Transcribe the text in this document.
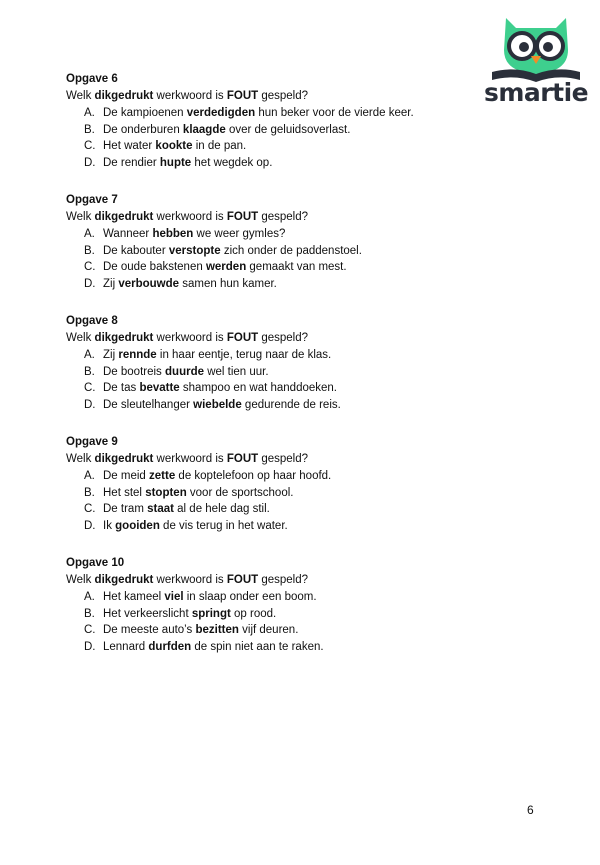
smartie
Opgave 6
Welk dikgedrukt werkwoord is FOUT gespeld?
A. De kampioenen verdedigden hun beker voor de vierde keer.
B. De onderburen klaagde over de geluidsoverlast.
C. Het water kookte in de pan.
D. De rendier hupte het wegdek op.
Opgave 7
Welk dikgedrukt werkwoord is FOUT gespeld?
A. Wanneer hebben we weer gymles?
B. De kabouter verstopte zich onder de paddenstoel.
C. De oude bakstenen werden gemaakt van mest.
D. Zij verbouwde samen hun kamer.
Opgave 8
Welk dikgedrukt werkwoord is FOUT gespeld?
A. Zij rennde in haar eentje, terug naar de klas.
B. De bootreis duurde wel tien uur.
C. De tas bevatte shampoo en wat handdoeken.
D. De sleutelhanger wiebelde gedurende de reis.
Opgave 9
Welk dikgedrukt werkwoord is FOUT gespeld?
A. De meid zette de koptelefoon op haar hoofd.
B. Het stel stopten voor de sportschool.
C. De tram staat al de hele dag stil.
D. Ik gooiden de vis terug in het water.
Opgave 10
Welk dikgedrukt werkwoord is FOUT gespeld?
A. Het kameel viel in slaap onder een boom.
B. Het verkeerslicht springt op rood.
C. De meeste auto’s bezitten vijf deuren.
D. Lennard durfden de spin niet aan te raken.
6
